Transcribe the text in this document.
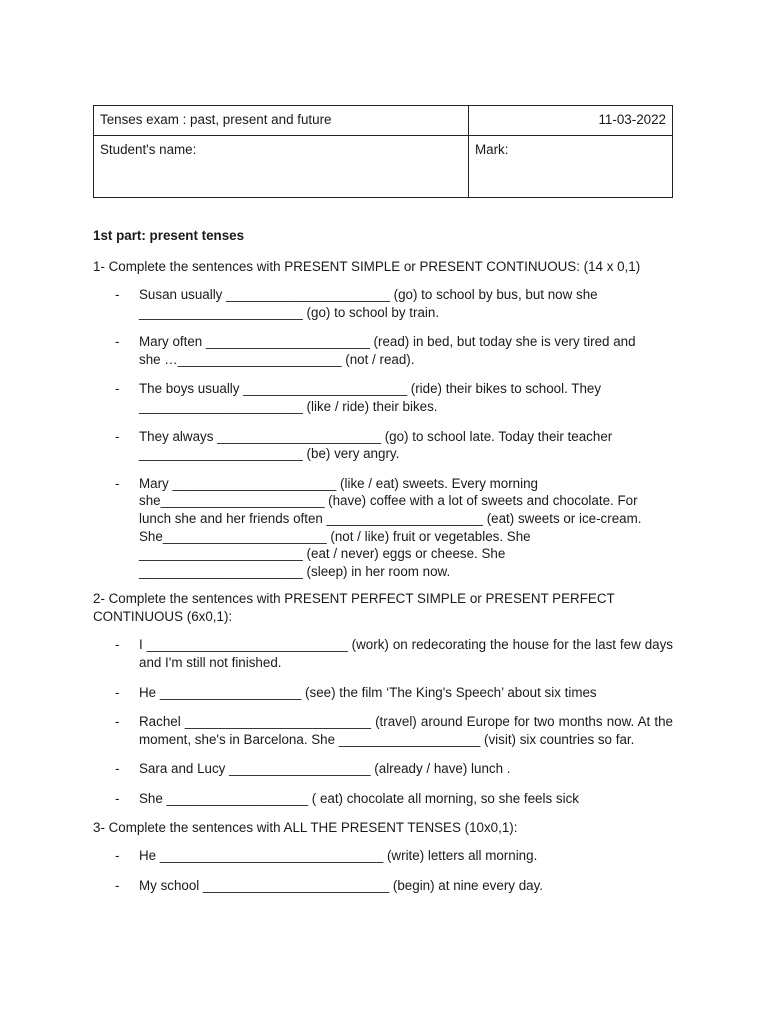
Tenses exam : past, present and future	11-03-2022
Student's name:	Mark:
1st part: present tenses
1- Complete the sentences with PRESENT SIMPLE or PRESENT CONTINUOUS: (14 x 0,1)
- Susan usually ______________________ (go) to school by bus, but now she
______________________ (go) to school by train.
- Mary often ______________________ (read) in bed, but today she is very tired and
she …______________________ (not / read).
- The boys usually ______________________ (ride) their bikes to school. They
______________________ (like / ride) their bikes.
- They always ______________________ (go) to school late. Today their teacher
______________________ (be) very angry.
- Mary ______________________ (like / eat) sweets. Every morning
she______________________ (have) coffee with a lot of sweets and chocolate. For
lunch she and her friends often _____________________ (eat) sweets or ice-cream.
She______________________ (not / like) fruit or vegetables. She
______________________ (eat / never) eggs or cheese. She
______________________ (sleep) in her room now.
2- Complete the sentences with PRESENT PERFECT SIMPLE or PRESENT PERFECT
CONTINUOUS (6x0,1):
- I ___________________________ (work) on redecorating the house for the last few days and I'm still not finished.
- He ___________________ (see) the film ‘The King's Speech’ about six times
- Rachel _________________________ (travel) around Europe for two months now. At the moment, she's in Barcelona. She ___________________ (visit) six countries so far.
- Sara and Lucy ___________________ (already / have) lunch .
- She ___________________ ( eat) chocolate all morning, so she feels sick
3- Complete the sentences with ALL THE PRESENT TENSES (10x0,1):
- He ______________________________ (write) letters all morning.
- My school _________________________ (begin) at nine every day.
